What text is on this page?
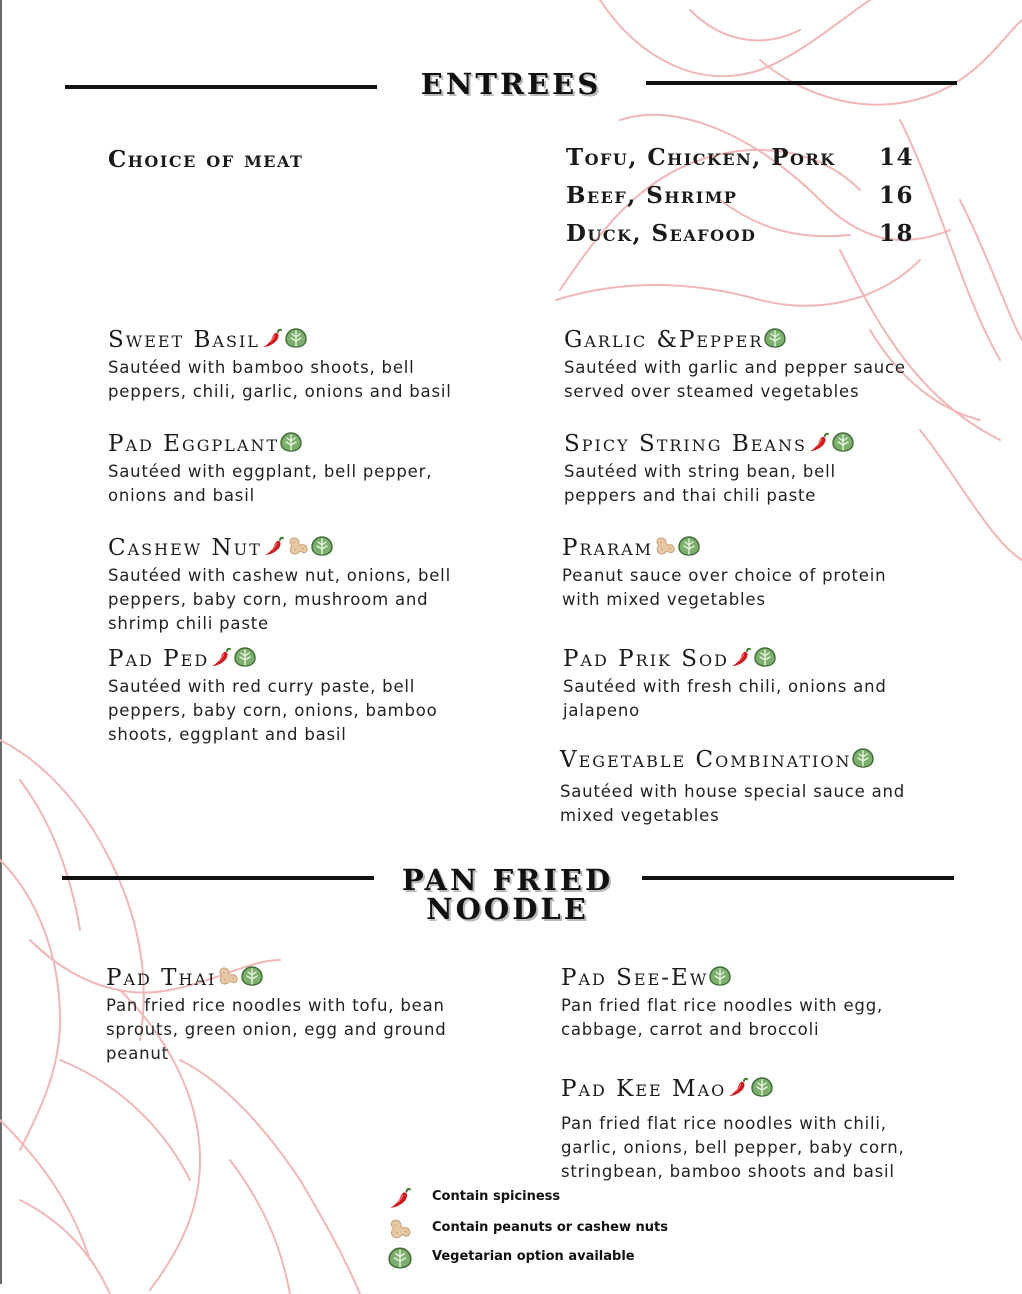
ENTREES
Choice of meat	Tofu, Chicken, Pork 14
Beef, Shrimp	16
Duck, Seafood	18
Sweet Basil
Sautéed with bamboo shoots, bell
peppers, chili, garlic, onions and basil
Garlic &Pepper
Sautéed with garlic and pepper sauce
served over steamed vegetables
Pad Eggplant
Sautéed with eggplant, bell pepper,
onions and basil
Spicy String Beans
Sautéed with string bean, bell
peppers and thai chili paste
Cashew Nut
Sautéed with cashew nut, onions, bell
peppers, baby corn, mushroom and
shrimp chili paste
Praram
Peanut sauce over choice of protein
with mixed vegetables
Pad Ped
Sautéed with red curry paste, bell
peppers, baby corn, onions, bamboo
shoots, eggplant and basil
Pad Prik Sod
Sautéed with fresh chili, onions and
jalapeno
Vegetable Combination
Sautéed with house special sauce and
mixed vegetables
PAN FRIED
NOODLE
Pad Thai
Pan fried rice noodles with tofu, bean
sprouts, green onion, egg and ground
peanut
Pad See-Ew
Pan fried flat rice noodles with egg,
cabbage, carrot and broccoli
Pad Kee Mao
Pan fried flat rice noodles with chili,
garlic, onions, bell pepper, baby corn,
stringbean, bamboo shoots and basil
Contain spiciness
Contain peanuts or cashew nuts
Vegetarian option available
